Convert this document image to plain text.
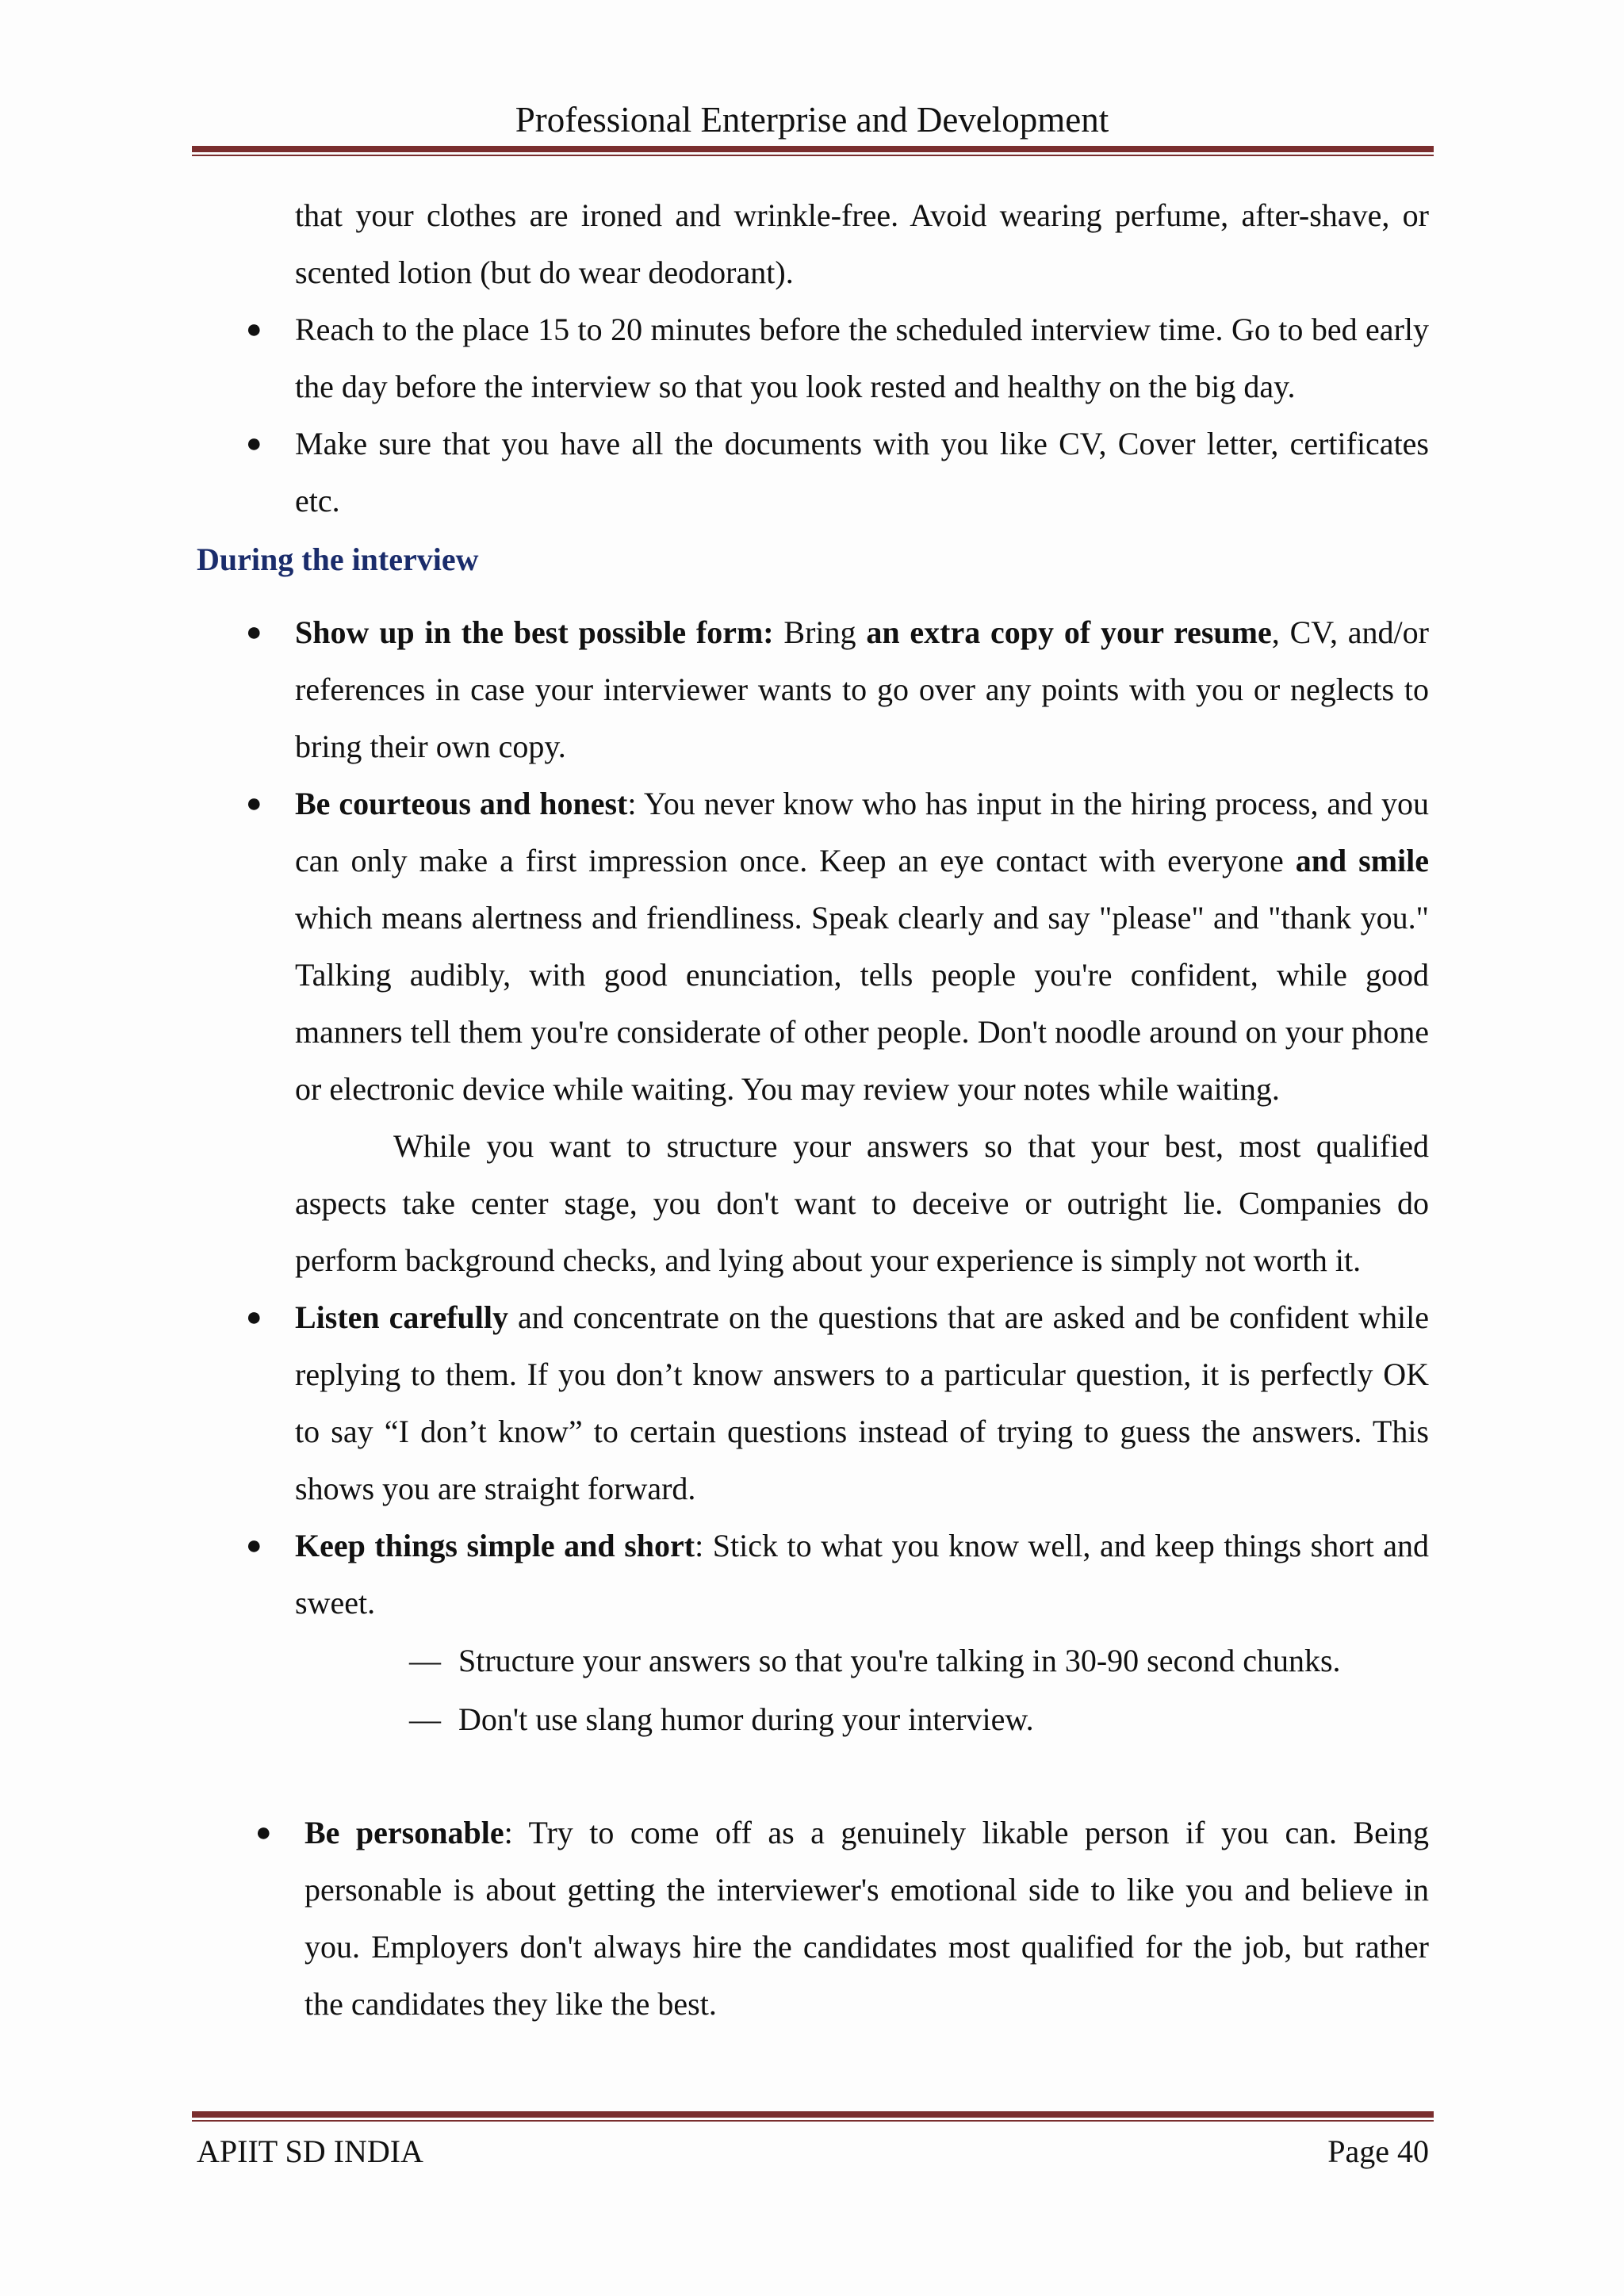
Professional Enterprise and Development

that your clothes are ironed and wrinkle-free. Avoid wearing perfume, after-shave, or scented lotion (but do wear deodorant).

● Reach to the place 15 to 20 minutes before the scheduled interview time. Go to bed early the day before the interview so that you look rested and healthy on the big day.
● Make sure that you have all the documents with you like CV, Cover letter, certificates etc.
During the interview
● Show up in the best possible form: Bring an extra copy of your resume, CV, and/or references in case your interviewer wants to go over any points with you or neglects to bring their own copy.
● Be courteous and honest: You never know who has input in the hiring process, and you can only make a first impression once. Keep an eye contact with everyone and smile which means alertness and friendliness. Speak clearly and say "please" and "thank you." Talking audibly, with good enunciation, tells people you're confident, while good manners tell them you're considerate of other people. Don't noodle around on your phone or electronic device while waiting. You may review your notes while waiting.

While you want to structure your answers so that your best, most qualified aspects take center stage, you don't want to deceive or outright lie. Companies do perform background checks, and lying about your experience is simply not worth it.

● Listen carefully and concentrate on the questions that are asked and be confident while replying to them. If you don’t know answers to a particular question, it is perfectly OK to say “I don’t know” to certain questions instead of trying to guess the answers. This shows you are straight forward.
● Keep things simple and short: Stick to what you know well, and keep things short and sweet.
— Structure your answers so that you're talking in 30-90 second chunks.
— Don't use slang humor during your interview.
● Be personable: Try to come off as a genuinely likable person if you can. Being personable is about getting the interviewer's emotional side to like you and believe in you. Employers don't always hire the candidates most qualified for the job, but rather the candidates they like the best.
APIIT SD INDIA	Page 40
